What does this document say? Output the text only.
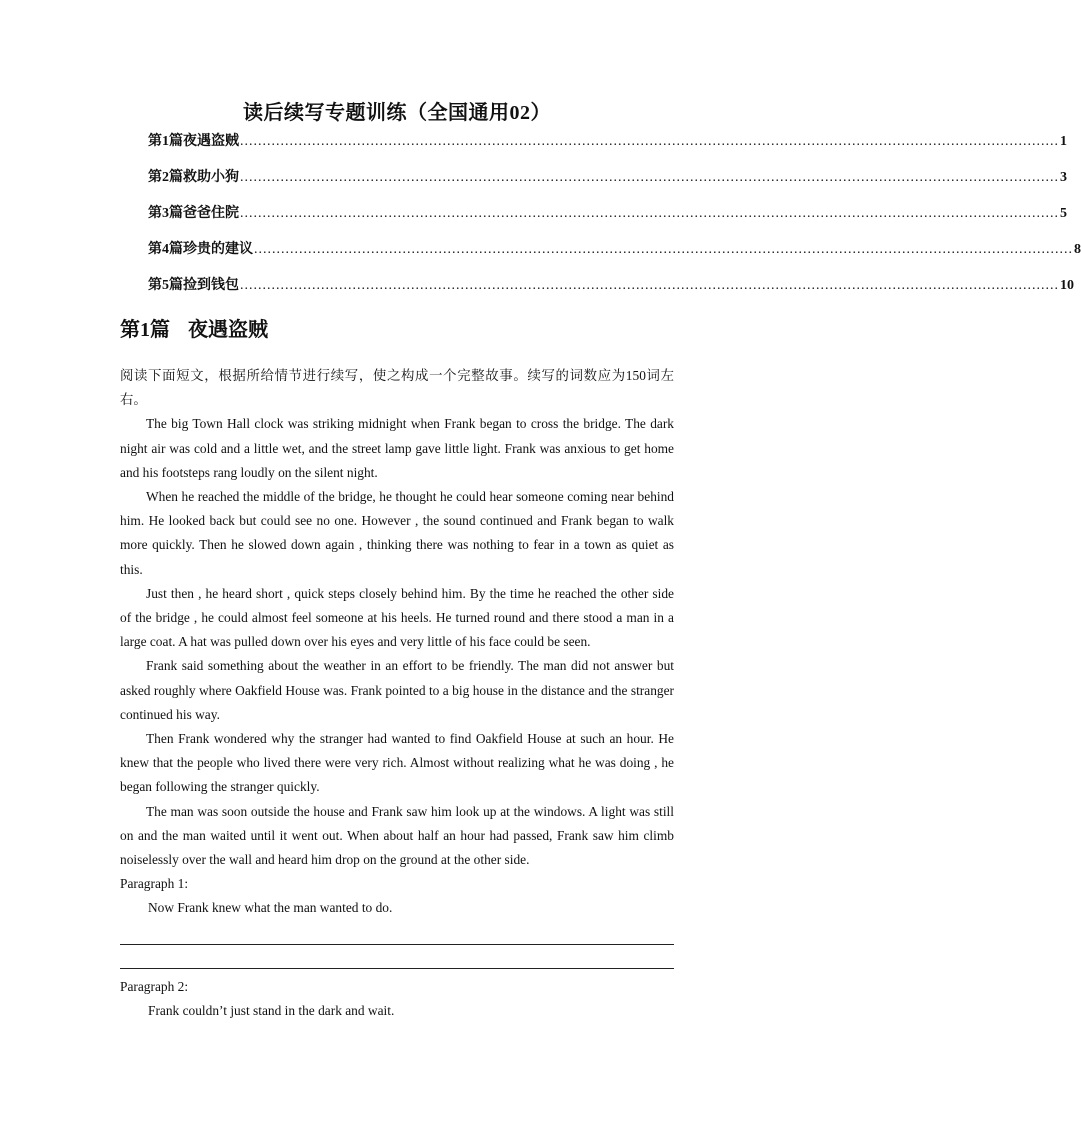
读后续写专题训练（全国通用02）
第1篇 夜遇盗贼 ...................................................................................................................................................................................... 1
第2篇 救助小狗 ...................................................................................................................................................................................... 3
第3篇 爸爸住院 ...................................................................................................................................................................................... 5
第4篇 珍贵的建议 ...................................................................................................................................................................................... 8
第5篇 捡到钱包 ...................................................................................................................................................................................... 10
第1篇 夜遇盗贼

阅读下面短文，根据所给情节进行续写，使之构成一个完整故事。续写的词数应为150词左右。

The big Town Hall clock was striking midnight when Frank began to cross the bridge. The dark night air was cold and a little wet, and the street lamp gave little light. Frank was anxious to get home and his footsteps rang loudly on the silent night.

When he reached the middle of the bridge, he thought he could hear someone coming near behind him. He looked back but could see no one. However , the sound continued and Frank began to walk more quickly. Then he slowed down again , thinking there was nothing to fear in a town as quiet as this.

Just then , he heard short , quick steps closely behind him. By the time he reached the other side of the bridge , he could almost feel someone at his heels. He turned round and there stood a man in a large coat. A hat was pulled down over his eyes and very little of his face could be seen.

Frank said something about the weather in an effort to be friendly. The man did not answer but asked roughly where Oakfield House was. Frank pointed to a big house in the distance and the stranger continued his way.

Then Frank wondered why the stranger had wanted to find Oakfield House at such an hour. He knew that the people who lived there were very rich. Almost without realizing what he was doing , he began following the stranger quickly.

The man was soon outside the house and Frank saw him look up at the windows. A light was still on and the man waited until it went out. When about half an hour had passed, Frank saw him climb noiselessly over the wall and heard him drop on the ground at the other side.

Paragraph 1:

Now Frank knew what the man wanted to do.

Paragraph 2:

Frank couldn’t just stand in the dark and wait.
